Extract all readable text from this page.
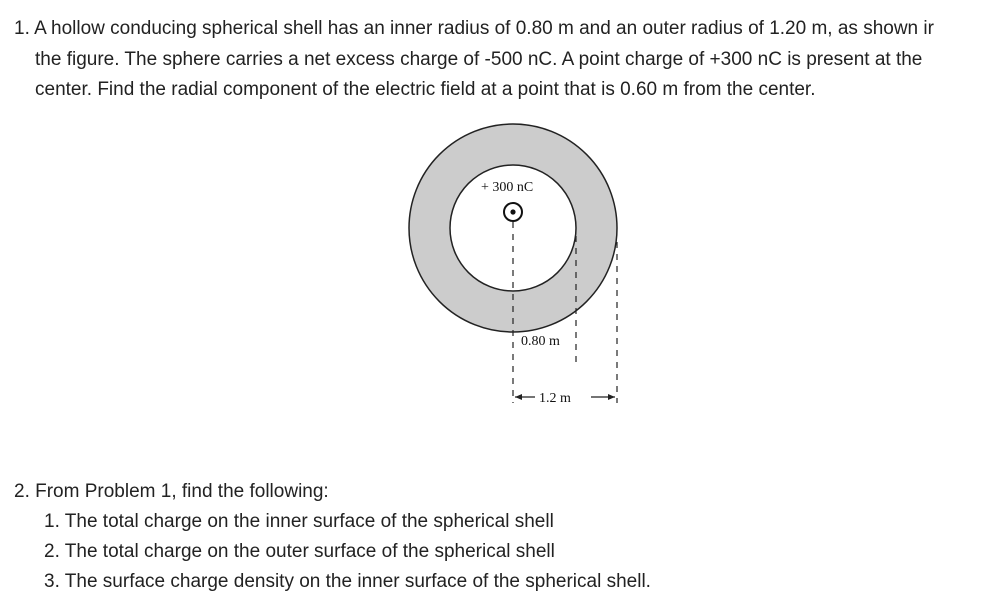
1. A hollow conducing spherical shell has an inner radius of 0.80 m and an outer radius of 1.20 m, as shown ir
the figure. The sphere carries a net excess charge of -500 nC. A point charge of +300 nC is present at the
center. Find the radial component of the electric field at a point that is 0.60 m from the center.
+ 300 nC
0.80 m
1.2 m
2. From Problem 1, find the following:
1. The total charge on the inner surface of the spherical shell
2. The total charge on the outer surface of the spherical shell
3. The surface charge density on the inner surface of the spherical shell.
